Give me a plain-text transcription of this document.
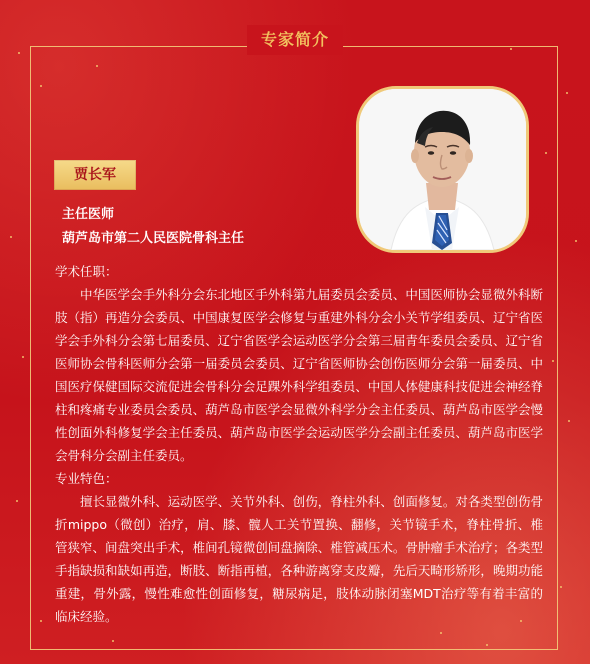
专家简介
贾长军
主任医师
葫芦岛市第二人民医院骨科主任
学术任职：
中华医学会手外科分会东北地区手外科第九届委员会委员、中国医师协会显微外科断肢（指）再造分会委员、中国康复医学会修复与重建外科分会小关节学组委员、辽宁省医学会手外科分会第七届委员、辽宁省医学会运动医学分会第三届青年委员会委员、辽宁省医师协会骨科医师分会第一届委员会委员、辽宁省医师协会创伤医师分会第一届委员、中国医疗保健国际交流促进会骨科分会足踝外科学组委员、中国人体健康科技促进会神经脊柱和疼痛专业委员会委员、葫芦岛市医学会显微外科学分会主任委员、葫芦岛市医学会慢性创面外科修复学会主任委员、葫芦岛市医学会运动医学分会副主任委员、葫芦岛市医学会骨科分会副主任委员。
专业特色：
擅长显微外科、运动医学、关节外科、创伤，脊柱外科、创面修复。对各类型创伤骨折mippo（微创）治疗，肩、膝、髋人工关节置换、翻修，关节镜手术，脊柱骨折、椎管狭窄、间盘突出手术，椎间孔镜微创间盘摘除、椎管减压术。骨肿瘤手术治疗；各类型手指缺损和缺如再造，断肢、断指再植，各种游离穿支皮瓣，先后天畸形矫形，晚期功能重建，骨外露，慢性难愈性创面修复，糖尿病足，肢体动脉闭塞MDT治疗等有着丰富的临床经验。
